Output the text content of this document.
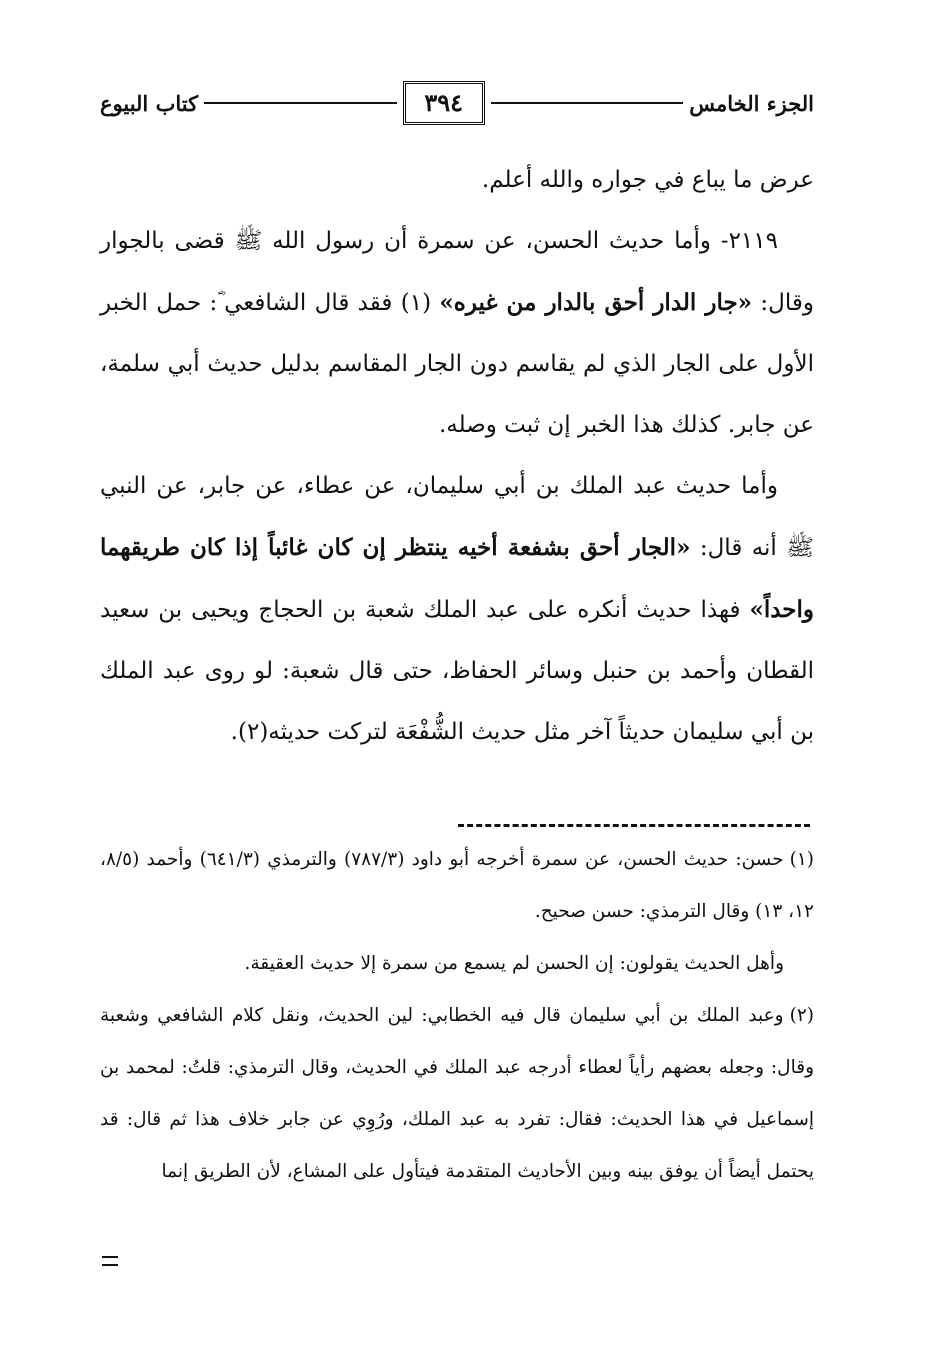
الجزء الخامس
٣٩٤
كتاب البيوع

عرض ما يباع في جواره والله أعلم.

٢١١٩- وأما حديث الحسن، عن سمرة أن رسول الله ﷺ قضى بالجوار وقال: «جار الدار أحق بالدار من غيره» (١) فقد قال الشافعي ؓ: حمل الخبر الأول على الجار الذي لم يقاسم دون الجار المقاسم بدليل حديث أبي سلمة، عن جابر. كذلك هذا الخبر إن ثبت وصله.

وأما حديث عبد الملك بن أبي سليمان، عن عطاء، عن جابر، عن النبي ﷺ أنه قال: «الجار أحق بشفعة أخيه ينتظر إن كان غائباً إذا كان طريقهما واحداً» فهذا حديث أنكره على عبد الملك شعبة بن الحجاج ويحيى بن سعيد القطان وأحمد بن حنبل وسائر الحفاظ، حتى قال شعبة: لو روى عبد الملك بن أبي سليمان حديثاً آخر مثل حديث الشُّفْعَة لتركت حديثه(٢).

(١)حسن: حديث الحسن، عن سمرة أخرجه أبو داود (٧٨٧/٣) والترمذي (٦٤١/٣) وأحمد (٨/٥، ١٢، ١٣) وقال الترمذي: حسن صحيح.

وأهل الحديث يقولون: إن الحسن لم يسمع من سمرة إلا حديث العقيقة.

(٢)وعبد الملك بن أبي سليمان قال فيه الخطابي: لين الحديث، ونقل كلام الشافعي وشعبة وقال: وجعله بعضهم رأياً لعطاء أدرجه عبد الملك في الحديث، وقال الترمذي: قلتُ: لمحمد بن إسماعيل في هذا الحديث: فقال: تفرد به عبد الملك، ورُوِي عن جابر خلاف هذا ثم قال: قد يحتمل أيضاً أن يوفق بينه وبين الأحاديث المتقدمة فيتأول على المشاع، لأن الطريق إنما
